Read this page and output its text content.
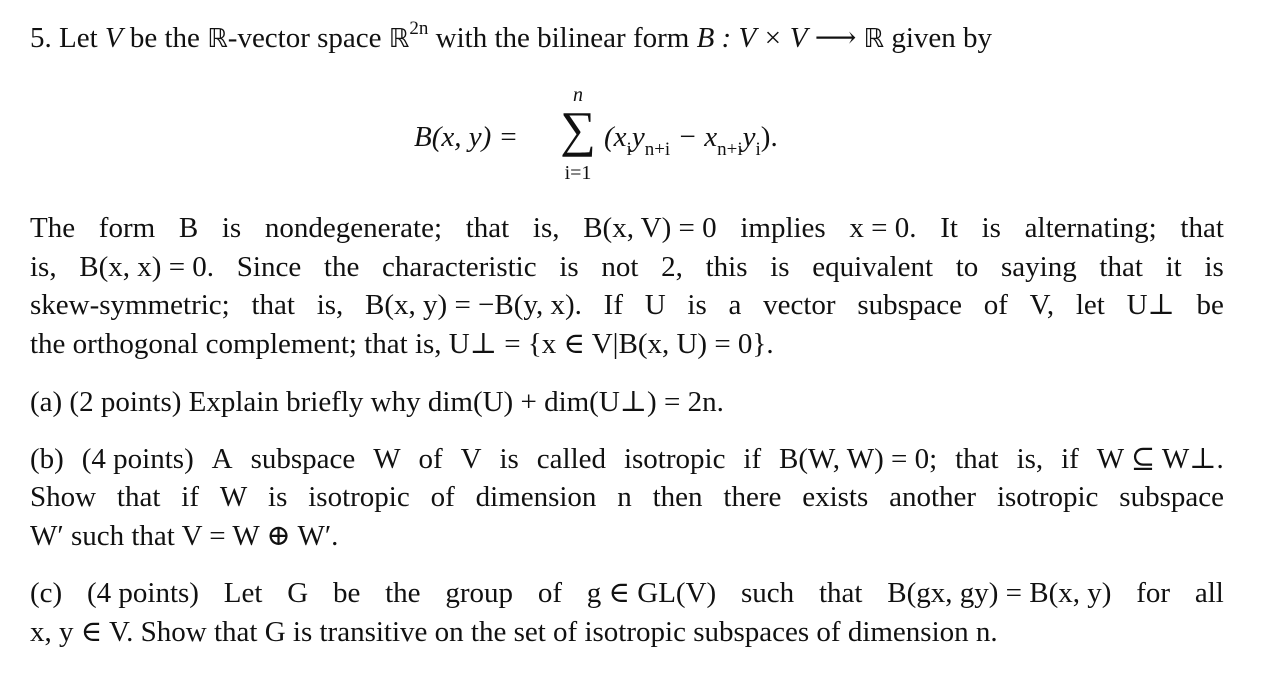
5. Let V be the ℝ-vector space ℝ$^{2n}$ with the bilinear form B : V × V ⟶ ℝ given by
B(x, y) =
n
∑
i=1
$(x_iy_{n+i} - x_{n+i}y_i)$.
The form B is nondegenerate; that is, B(x, V) = 0 implies x = 0. It is alternating; that
is, B(x, x) = 0. Since the characteristic is not 2, this is equivalent to saying that it is
skew-symmetric; that is, B(x, y) = −B(y, x). If U is a vector subspace of V, let U⊥ be
the orthogonal complement; that is, U⊥ = {x ∈ V|B(x, U) = 0}.
(a) (2 points) Explain briefly why dim(U) + dim(U⊥) = 2n.
(b) (4 points) A subspace W of V is called isotropic if B(W, W) = 0; that is, if W ⊆ W⊥.
Show that if W is isotropic of dimension n then there exists another isotropic subspace
W′ such that V = W ⊕ W′.
(c) (4 points) Let G be the group of g ∈ GL(V) such that B(gx, gy) = B(x, y) for all
x, y ∈ V. Show that G is transitive on the set of isotropic subspaces of dimension n.
